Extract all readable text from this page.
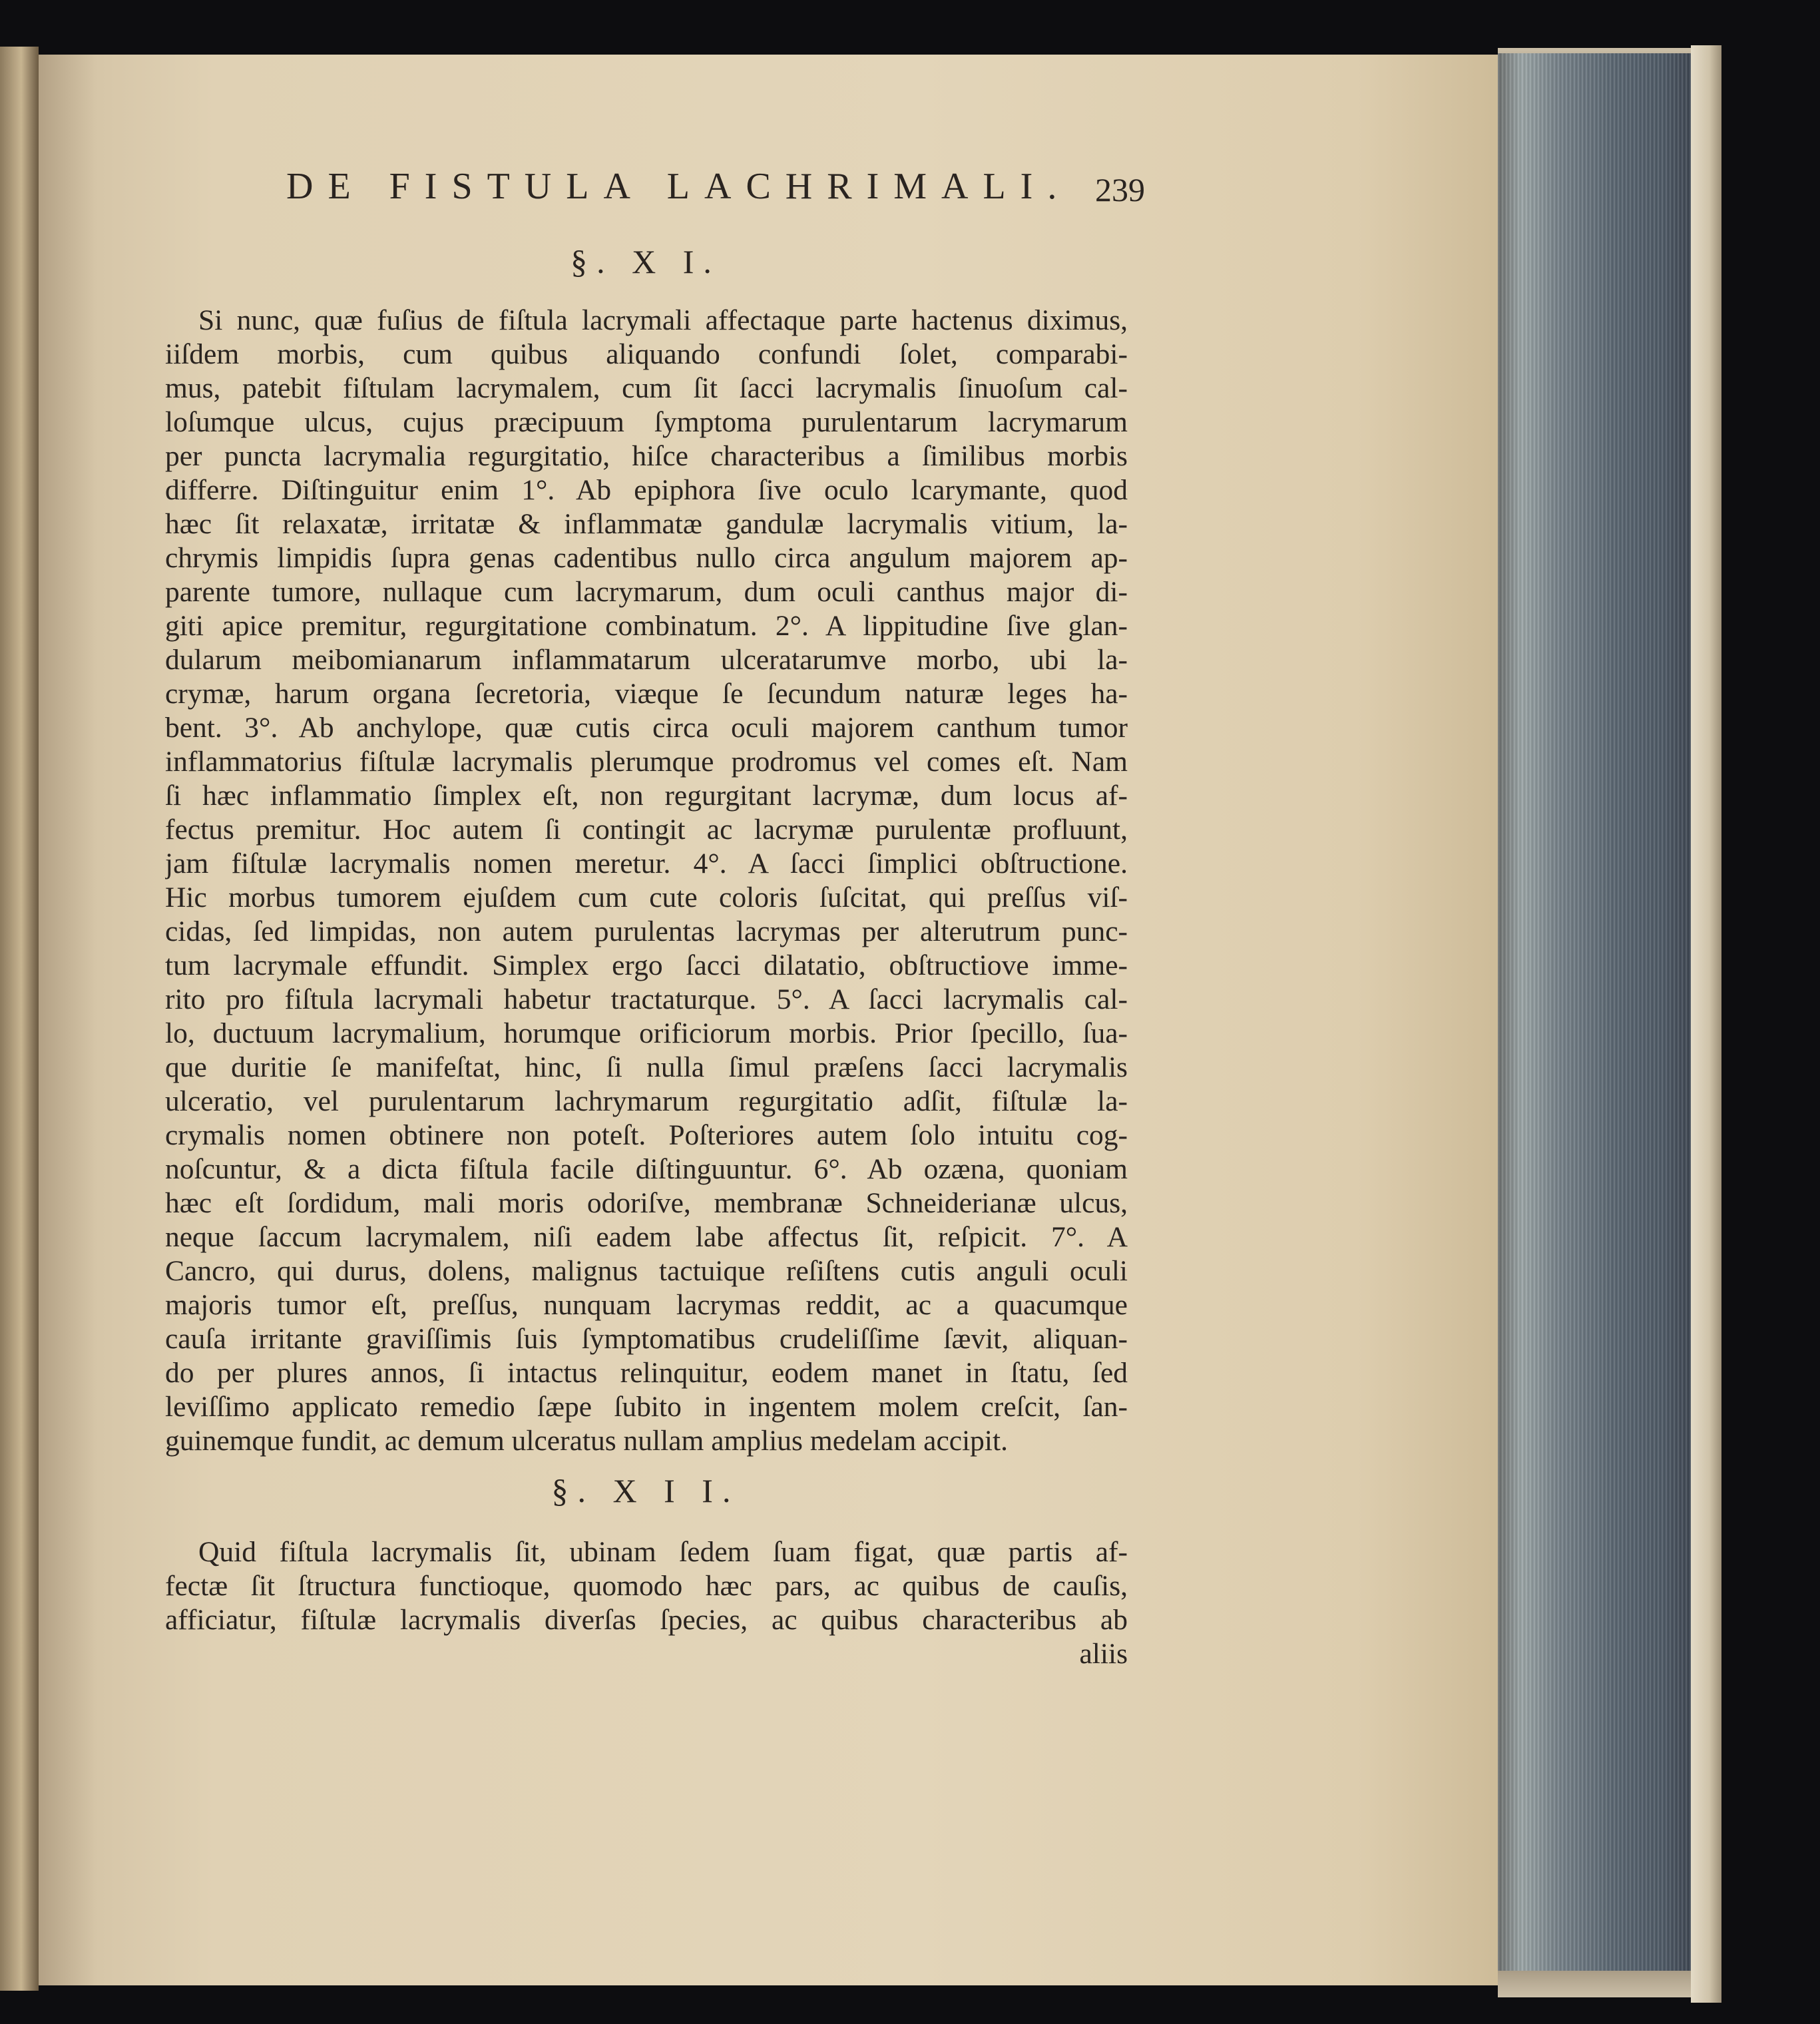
DE FISTULA LACHRIMALI. 239
§. X I.
Si nunc, quæ fuſius de fiſtula lacrymali affectaque parte hactenus diximus,
iiſdem morbis, cum quibus aliquando confundi ſolet, comparabi-
mus, patebit fiſtulam lacrymalem, cum ſit ſacci lacrymalis ſinuoſum cal-
loſumque ulcus, cujus præcipuum ſymptoma purulentarum lacrymarum
per puncta lacrymalia regurgitatio, hiſce characteribus a ſimilibus morbis
differre. Diſtinguitur enim 1°. Ab epiphora ſive oculo lcarymante, quod
hæc ſit relaxatæ, irritatæ & inflammatæ gandulæ lacrymalis vitium, la-
chrymis limpidis ſupra genas cadentibus nullo circa angulum majorem ap-
parente tumore, nullaque cum lacrymarum, dum oculi canthus major di-
giti apice premitur, regurgitatione combinatum. 2°. A lippitudine ſive glan-
dularum meibomianarum inflammatarum ulceratarumve morbo, ubi la-
crymæ, harum organa ſecretoria, viæque ſe ſecundum naturæ leges ha-
bent. 3°. Ab anchylope, quæ cutis circa oculi majorem canthum tumor
inflammatorius fiſtulæ lacrymalis plerumque prodromus vel comes eſt. Nam
ſi hæc inflammatio ſimplex eſt, non regurgitant lacrymæ, dum locus af-
fectus premitur. Hoc autem ſi contingit ac lacrymæ purulentæ profluunt,
jam fiſtulæ lacrymalis nomen meretur. 4°. A ſacci ſimplici obſtructione.
Hic morbus tumorem ejuſdem cum cute coloris ſuſcitat, qui preſſus viſ-
cidas, ſed limpidas, non autem purulentas lacrymas per alterutrum punc-
tum lacrymale effundit. Simplex ergo ſacci dilatatio, obſtructiove imme-
rito pro fiſtula lacrymali habetur tractaturque. 5°. A ſacci lacrymalis cal-
lo, ductuum lacrymalium, horumque orificiorum morbis. Prior ſpecillo, ſua-
que duritie ſe manifeſtat, hinc, ſi nulla ſimul præſens ſacci lacrymalis
ulceratio, vel purulentarum lachrymarum regurgitatio adſit, fiſtulæ la-
crymalis nomen obtinere non poteſt. Poſteriores autem ſolo intuitu cog-
noſcuntur, & a dicta fiſtula facile diſtinguuntur. 6°. Ab ozæna, quoniam
hæc eſt ſordidum, mali moris odoriſve, membranæ Schneiderianæ ulcus,
neque ſaccum lacrymalem, niſi eadem labe affectus ſit, reſpicit. 7°. A
Cancro, qui durus, dolens, malignus tactuique reſiſtens cutis anguli oculi
majoris tumor eſt, preſſus, nunquam lacrymas reddit, ac a quacumque
cauſa irritante graviſſimis ſuis ſymptomatibus crudeliſſime ſævit, aliquan-
do per plures annos, ſi intactus relinquitur, eodem manet in ſtatu, ſed
leviſſimo applicato remedio ſæpe ſubito in ingentem molem creſcit, ſan-
guinemque fundit, ac demum ulceratus nullam amplius medelam accipit.
§. X I I.
Quid fiſtula lacrymalis ſit, ubinam ſedem ſuam figat, quæ partis af-
fectæ ſit ſtructura functioque, quomodo hæc pars, ac quibus de cauſis,
afficiatur, fiſtulæ lacrymalis diverſas ſpecies, ac quibus characteribus ab
aliis
